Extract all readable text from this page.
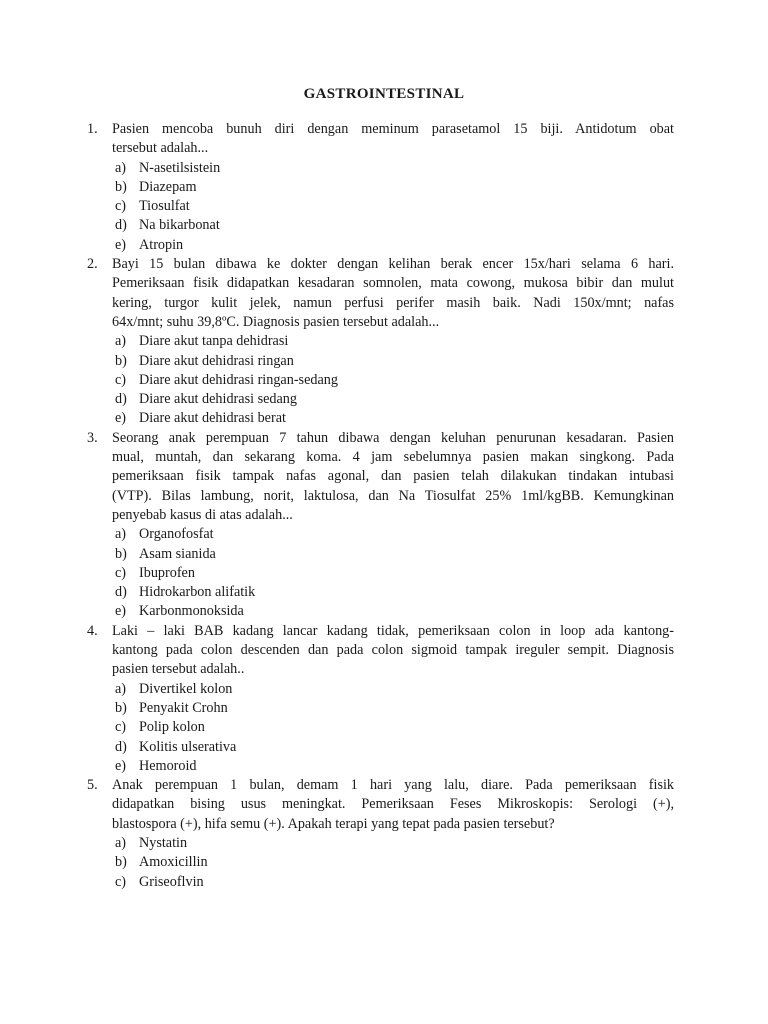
GASTROINTESTINAL
1. Pasien mencoba bunuh diri dengan meminum parasetamol 15 biji. Antidotum obat
tersebut adalah...
a) N-asetilsistein
b) Diazepam
c) Tiosulfat
d) Na bikarbonat
e) Atropin
2. Bayi 15 bulan dibawa ke dokter dengan kelihan berak encer 15x/hari selama 6 hari.
Pemeriksaan fisik didapatkan kesadaran somnolen, mata cowong, mukosa bibir dan mulut
kering, turgor kulit jelek, namun perfusi perifer masih baik. Nadi 150x/mnt; nafas
64x/mnt; suhu 39,8ºC. Diagnosis pasien tersebut adalah...
a) Diare akut tanpa dehidrasi
b) Diare akut dehidrasi ringan
c) Diare akut dehidrasi ringan-sedang
d) Diare akut dehidrasi sedang
e) Diare akut dehidrasi berat
3. Seorang anak perempuan 7 tahun dibawa dengan keluhan penurunan kesadaran. Pasien
mual, muntah, dan sekarang koma. 4 jam sebelumnya pasien makan singkong. Pada
pemeriksaan fisik tampak nafas agonal, dan pasien telah dilakukan tindakan intubasi
(VTP). Bilas lambung, norit, laktulosa, dan Na Tiosulfat 25% 1ml/kgBB. Kemungkinan
penyebab kasus di atas adalah...
a) Organofosfat
b) Asam sianida
c) Ibuprofen
d) Hidrokarbon alifatik
e) Karbonmonoksida
4. Laki – laki BAB kadang lancar kadang tidak, pemeriksaan colon in loop ada kantong-
kantong pada colon descenden dan pada colon sigmoid tampak ireguler sempit. Diagnosis
pasien tersebut adalah..
a) Divertikel kolon
b) Penyakit Crohn
c) Polip kolon
d) Kolitis ulserativa
e) Hemoroid
5. Anak perempuan 1 bulan, demam 1 hari yang lalu, diare. Pada pemeriksaan fisik
didapatkan bising usus meningkat. Pemeriksaan Feses Mikroskopis: Serologi (+),
blastospora (+), hifa semu (+). Apakah terapi yang tepat pada pasien tersebut?
a) Nystatin
b) Amoxicillin
c) Griseoflvin
